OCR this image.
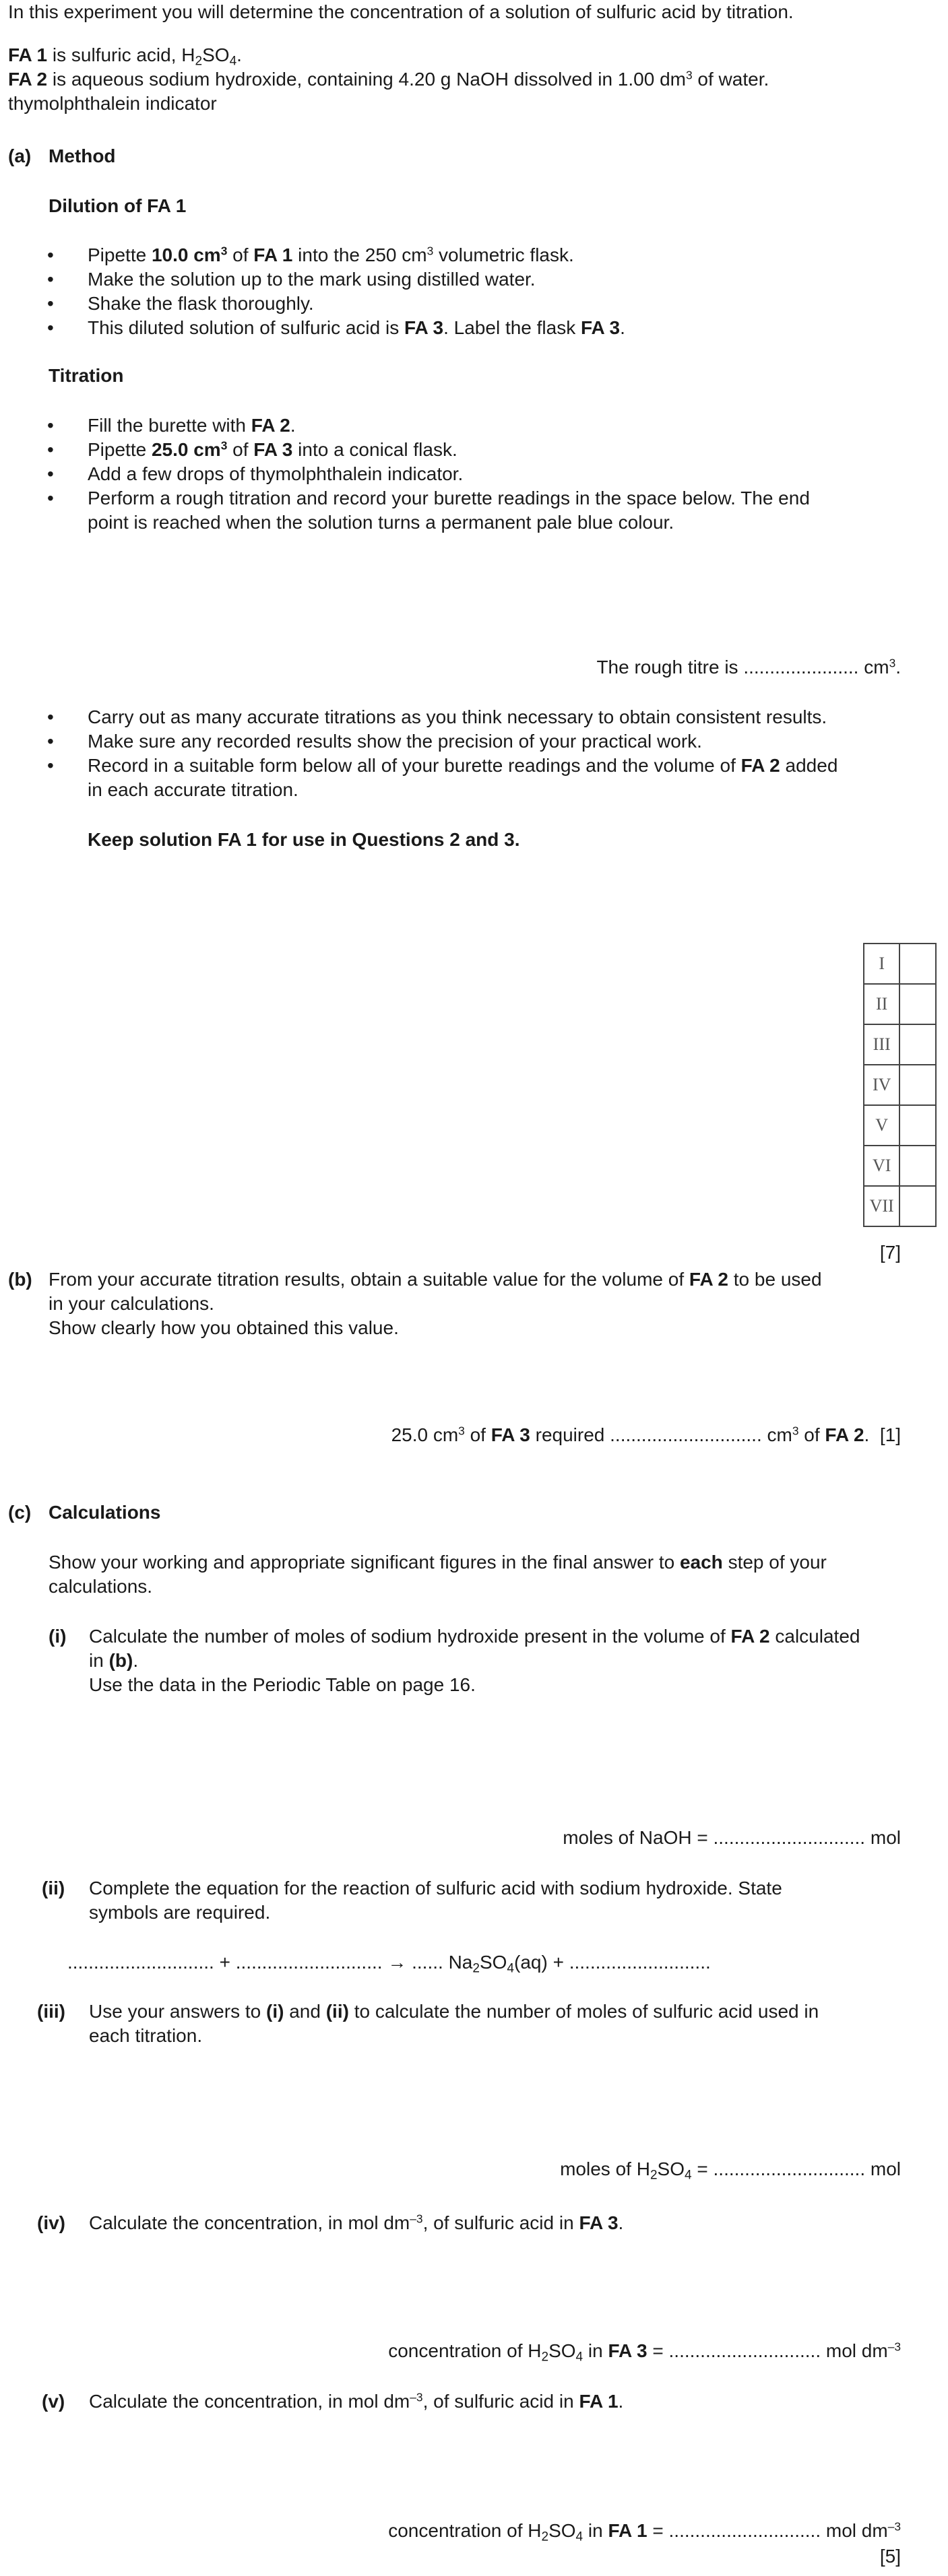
In this experiment you will determine the concentration of a solution of sulfuric acid by titration.

FA 1 is sulfuric acid, $H_2SO_4$.

FA 2 is aqueous sodium hydroxide, containing 4.20 g NaOH dissolved in 1.00 $dm^3$ of water.

thymolphthalein indicator

(a) Method

Dilution of FA 1

• Pipette 10.0 $cm^3$ of FA 1 into the 250 $cm^3$ volumetric flask.

• Make the solution up to the mark using distilled water.

• Shake the flask thoroughly.

• This diluted solution of sulfuric acid is FA 3. Label the flask FA 3.

Titration

• Fill the burette with FA 2.

• Pipette 25.0 $cm^3$ of FA 3 into a conical flask.

• Add a few drops of thymolphthalein indicator.

• Perform a rough titration and record your burette readings in the space below. The end

point is reached when the solution turns a permanent pale blue colour.

The rough titre is ...................... $cm^3$.

• Carry out as many accurate titrations as you think necessary to obtain consistent results.

• Make sure any recorded results show the precision of your practical work.

• Record in a suitable form below all of your burette readings and the volume of FA 2 added

in each accurate titration.

Keep solution FA 1 for use in Questions 2 and 3.

I	
II	
III	
IV	
V	
VI	
VII	

[7]

(b) From your accurate titration results, obtain a suitable value for the volume of FA 2 to be used

in your calculations.

Show clearly how you obtained this value.

25.0 $cm^3$ of FA 3 required ............................. $cm^3$ of FA 2. [1]

(c) Calculations

Show your working and appropriate significant figures in the final answer to each step of your

calculations.

(i) Calculate the number of moles of sodium hydroxide present in the volume of FA 2 calculated

in (b).

Use the data in the Periodic Table on page 16.

moles of NaOH = ............................. mol

(ii) Complete the equation for the reaction of sulfuric acid with sodium hydroxide. State

symbols are required.

............................ + ............................ → ...... $Na_2SO_4(aq)$ + ...........................

(iii) Use your answers to (i) and (ii) to calculate the number of moles of sulfuric acid used in

each titration.

moles of $H_2SO_4$ = ............................. mol

(iv) Calculate the concentration, in mol $dm^{-3}$, of sulfuric acid in FA 3.

concentration of $H_2SO_4$ in FA 3 = ............................. mol $dm^{-3}$

(v) Calculate the concentration, in mol $dm^{-3}$, of sulfuric acid in FA 1.

concentration of $H_2SO_4$ in FA 1 = ............................. mol $dm^{-3}$

[5]
